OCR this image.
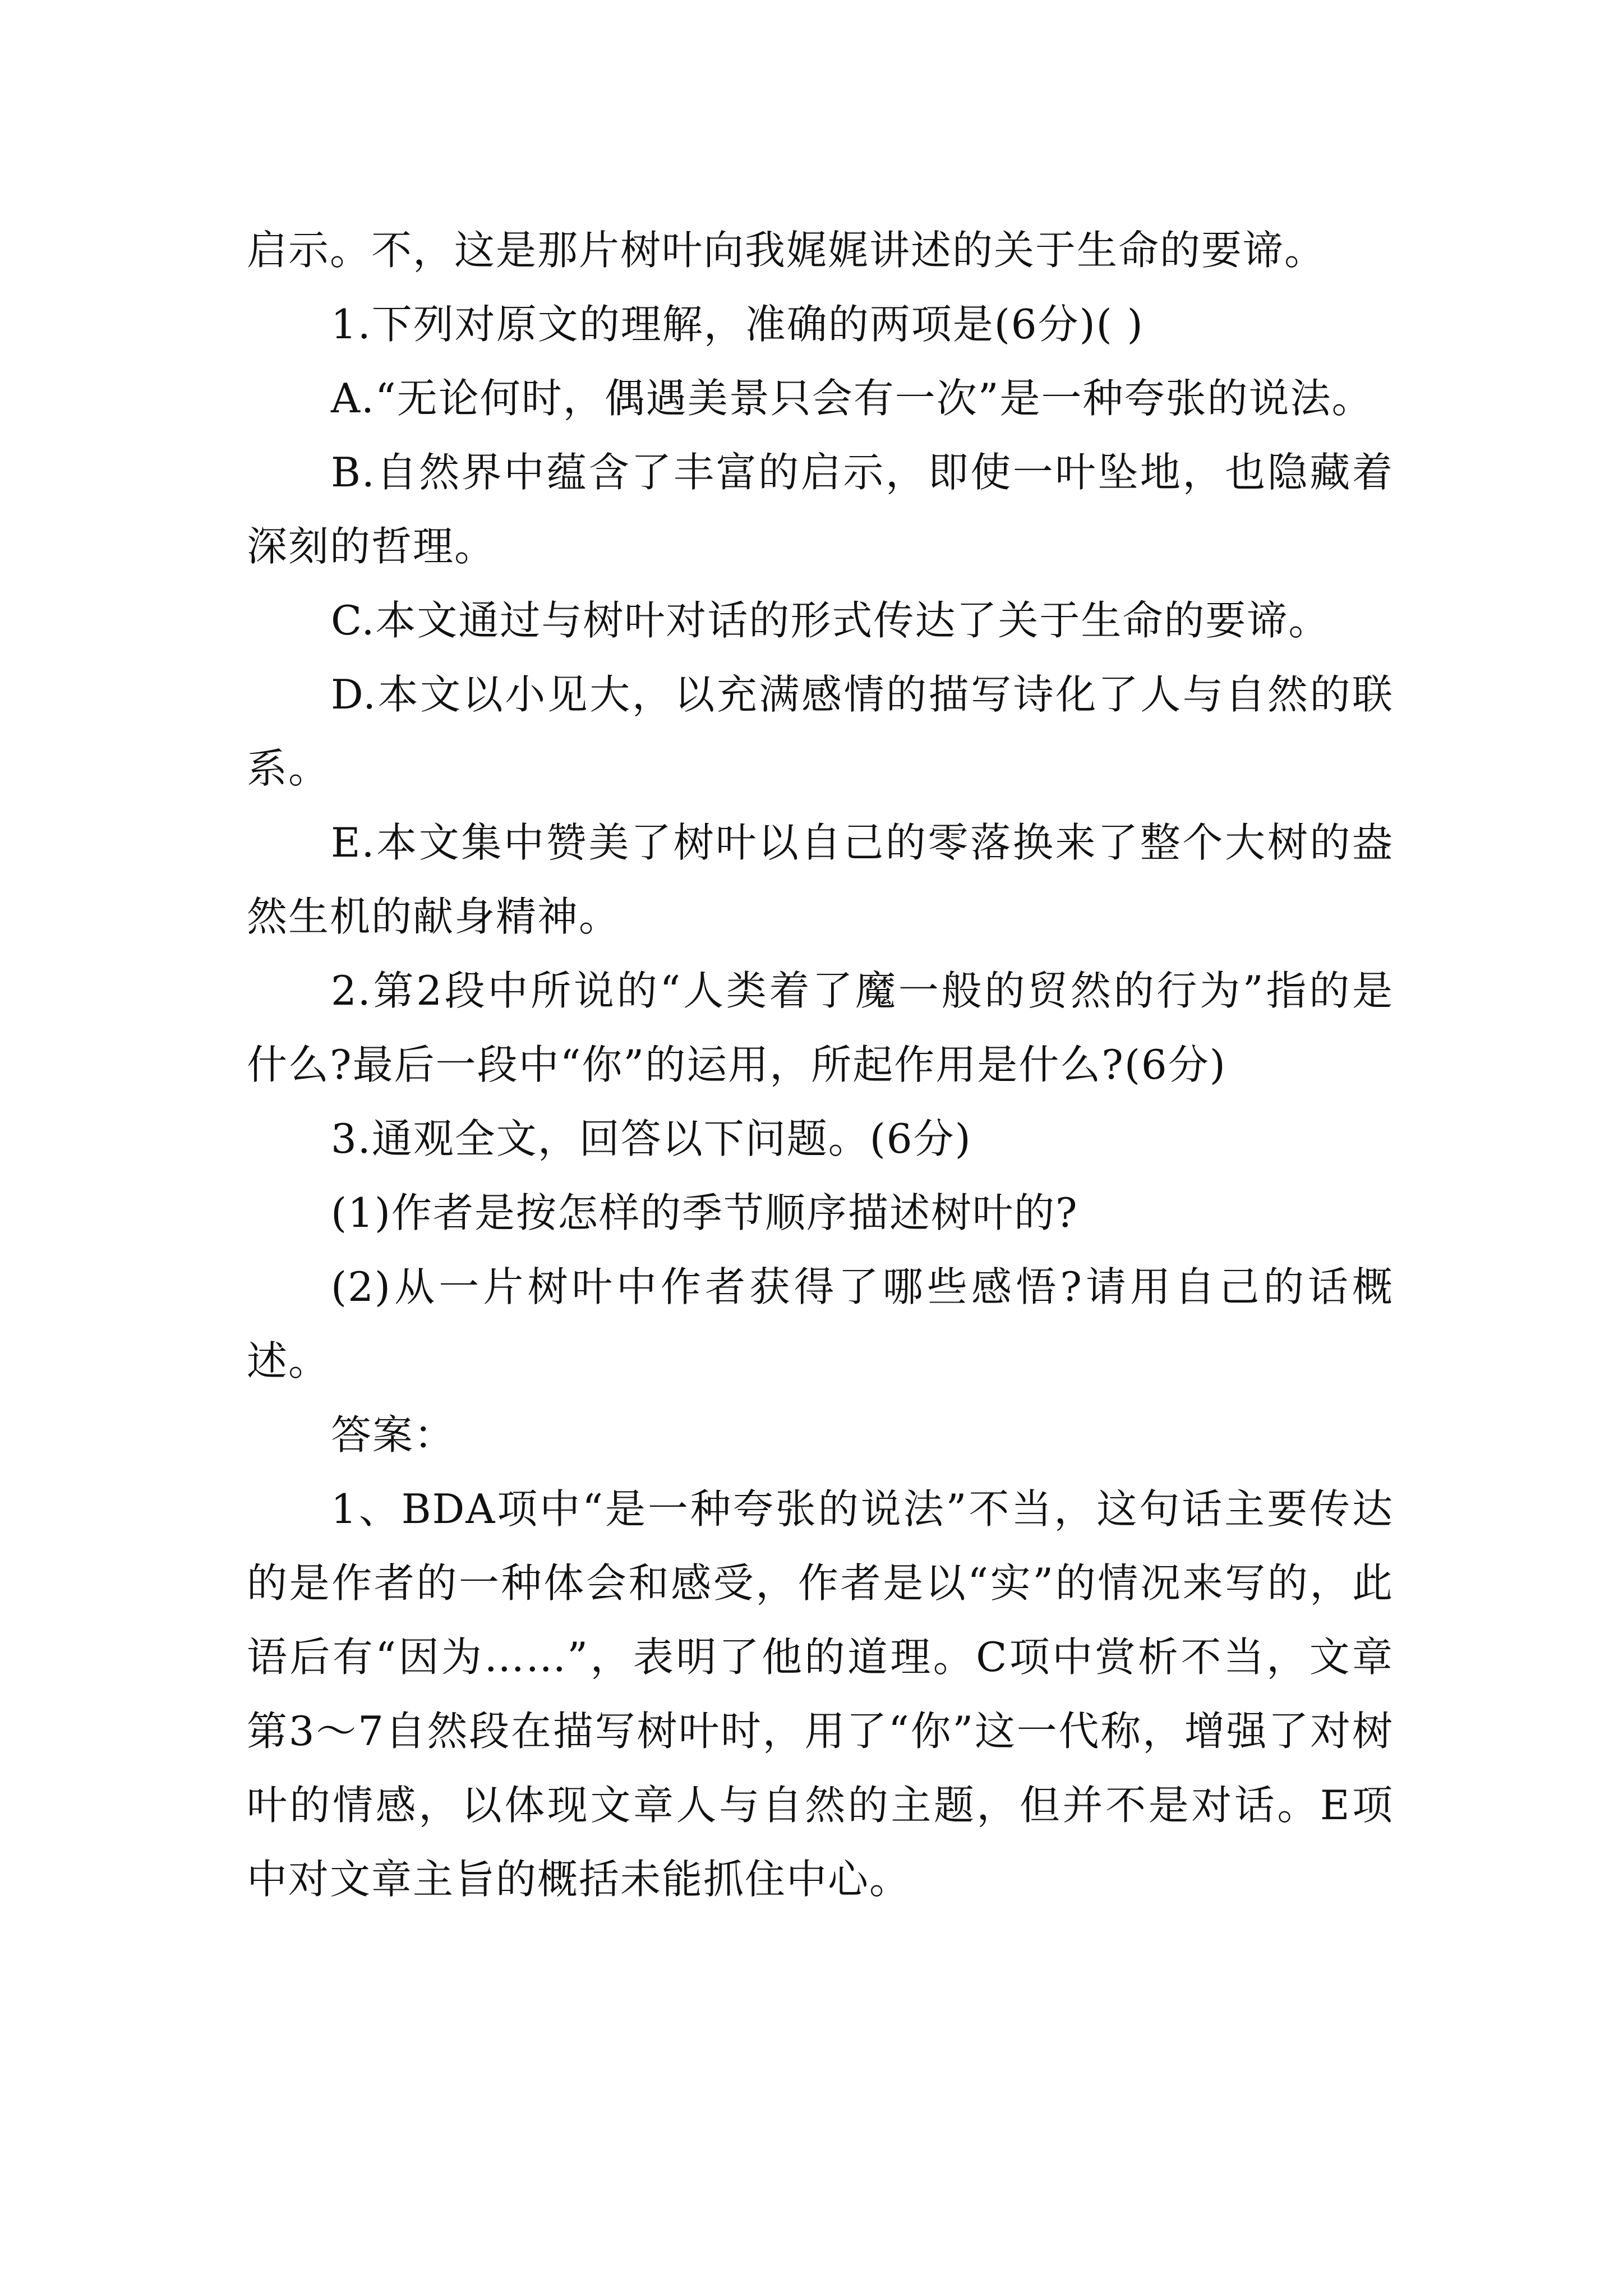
启示。不，这是那片树叶向我娓娓讲述的关于生命的要谛。

1.下列对原文的理解，准确的两项是(6分)( )

A.“无论何时，偶遇美景只会有一次”是一种夸张的说法。

B.自然界中蕴含了丰富的启示，即使一叶坠地，也隐藏着深刻的哲理。

C.本文通过与树叶对话的形式传达了关于生命的要谛。

D.本文以小见大，以充满感情的描写诗化了人与自然的联系。

E.本文集中赞美了树叶以自己的零落换来了整个大树的盎然生机的献身精神。

2.第2段中所说的“人类着了魔一般的贸然的行为”指的是什么?最后一段中“你”的运用，所起作用是什么?(6分)

3.通观全文，回答以下问题。(6分)

(1)作者是按怎样的季节顺序描述树叶的?

(2)从一片树叶中作者获得了哪些感悟?请用自己的话概述。

答案：

1、BDA项中“是一种夸张的说法”不当，这句话主要传达的是作者的一种体会和感受，作者是以“实”的情况来写的，此语后有“因为……”，表明了他的道理。C项中赏析不当，文章第3～7自然段在描写树叶时，用了“你”这一代称，增强了对树叶的情感，以体现文章人与自然的主题，但并不是对话。E项中对文章主旨的概括未能抓住中心。
